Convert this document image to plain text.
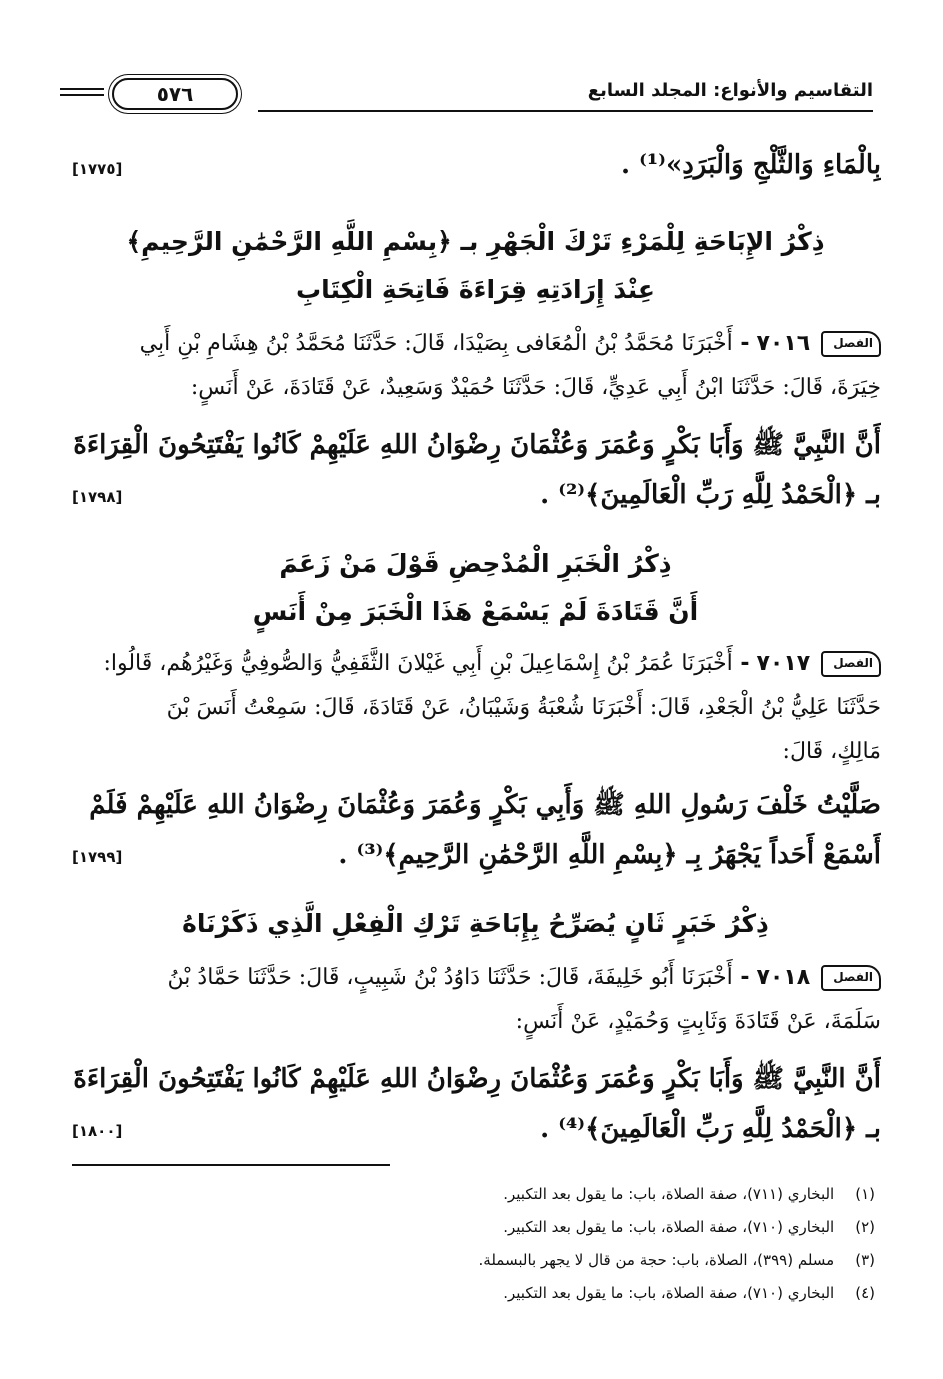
التقاسيم والأنواع: المجلد السابع
٥٧٦
بِالْمَاءِ وَالثَّلْجِ وَالْبَرَدِ»⁽¹⁾ .
[١٧٧٥]
ذِكْرُ الإِبَاحَةِ لِلْمَرْءِ تَرْكَ الْجَهْرِ بـ ﴿بِسْمِ اللَّهِ الرَّحْمَٰنِ الرَّحِيمِ﴾
عِنْدَ إِرَادَتِهِ قِرَاءَةَ فَاتِحَةِ الْكِتَابِ
الفصل ٧٠١٦ - أَخْبَرَنَا مُحَمَّدُ بْنُ الْمُعَافى بِصَيْدَا، قَالَ: حَدَّثَنَا مُحَمَّدُ بْنُ هِشَامِ بْنِ أَبِي
خِيَرَةَ، قَالَ: حَدَّثَنَا ابْنُ أَبِي عَدِيٍّ، قَالَ: حَدَّثَنَا حُمَيْدٌ وَسَعِيدٌ، عَنْ قَتَادَةَ، عَنْ أَنَسٍ:
أَنَّ النَّبِيَّ ﷺ وَأَبَا بَكْرٍ وَعُمَرَ وَعُثْمَانَ رِضْوَانُ اللهِ عَلَيْهِمْ كَانُوا يَفْتَتِحُونَ الْقِرَاءَةَ
بـ ﴿الْحَمْدُ لِلَّهِ رَبِّ الْعَالَمِينَ﴾⁽²⁾ .
[١٧٩٨]
ذِكْرُ الْخَبَرِ الْمُدْحِضِ قَوْلَ مَنْ زَعَمَ
أَنَّ قَتَادَةَ لَمْ يَسْمَعْ هَذَا الْخَبَرَ مِنْ أَنَسٍ
الفصل ٧٠١٧ - أَخْبَرَنَا عُمَرُ بْنُ إِسْمَاعِيلَ بْنِ أَبِي غَيْلانَ الثَّقَفِيُّ وَالصُّوفِيُّ وَغَيْرُهُم، قَالُوا:
حَدَّثَنَا عَلِيُّ بْنُ الْجَعْدِ، قَالَ: أَخْبَرَنَا شُعْبَةُ وَشَيْبَانُ، عَنْ قَتَادَةَ، قَالَ: سَمِعْتُ أَنَسَ بْنَ
مَالِكٍ، قَالَ:
صَلَّيْتُ خَلْفَ رَسُولِ اللهِ ﷺ وَأَبِي بَكْرٍ وَعُمَرَ وَعُثْمَانَ رِضْوَانُ اللهِ عَلَيْهِمْ فَلَمْ
أَسْمَعْ أَحَداً يَجْهَرُ بِـ ﴿بِسْمِ اللَّهِ الرَّحْمَٰنِ الرَّحِيمِ﴾⁽³⁾ .
[١٧٩٩]
ذِكْرُ خَبَرٍ ثَانٍ يُصَرِّحُ بِإِبَاحَةِ تَرْكِ الْفِعْلِ الَّذِي ذَكَرْنَاهُ
الفصل ٧٠١٨ - أَخْبَرَنَا أَبُو خَلِيفَةَ، قَالَ: حَدَّثَنَا دَاوُدُ بْنُ شَبِيبٍ، قَالَ: حَدَّثَنَا حَمَّادُ بْنُ
سَلَمَةَ، عَنْ قَتَادَةَ وَثَابِتٍ وَحُمَيْدٍ، عَنْ أَنَسٍ:
أَنَّ النَّبِيَّ ﷺ وَأَبَا بَكْرٍ وَعُمَرَ وَعُثْمَانَ رِضْوَانُ اللهِ عَلَيْهِمْ كَانُوا يَفْتَتِحُونَ الْقِرَاءَةَ
بـ ﴿الْحَمْدُ لِلَّهِ رَبِّ الْعَالَمِينَ﴾⁽⁴⁾ .
[١٨٠٠]
(١) البخاري (٧١١)، صفة الصلاة، باب: ما يقول بعد التكبير.
(٢) البخاري (٧١٠)، صفة الصلاة، باب: ما يقول بعد التكبير.
(٣) مسلم (٣٩٩)، الصلاة، باب: حجة من قال لا يجهر بالبسملة.
(٤) البخاري (٧١٠)، صفة الصلاة، باب: ما يقول بعد التكبير.
